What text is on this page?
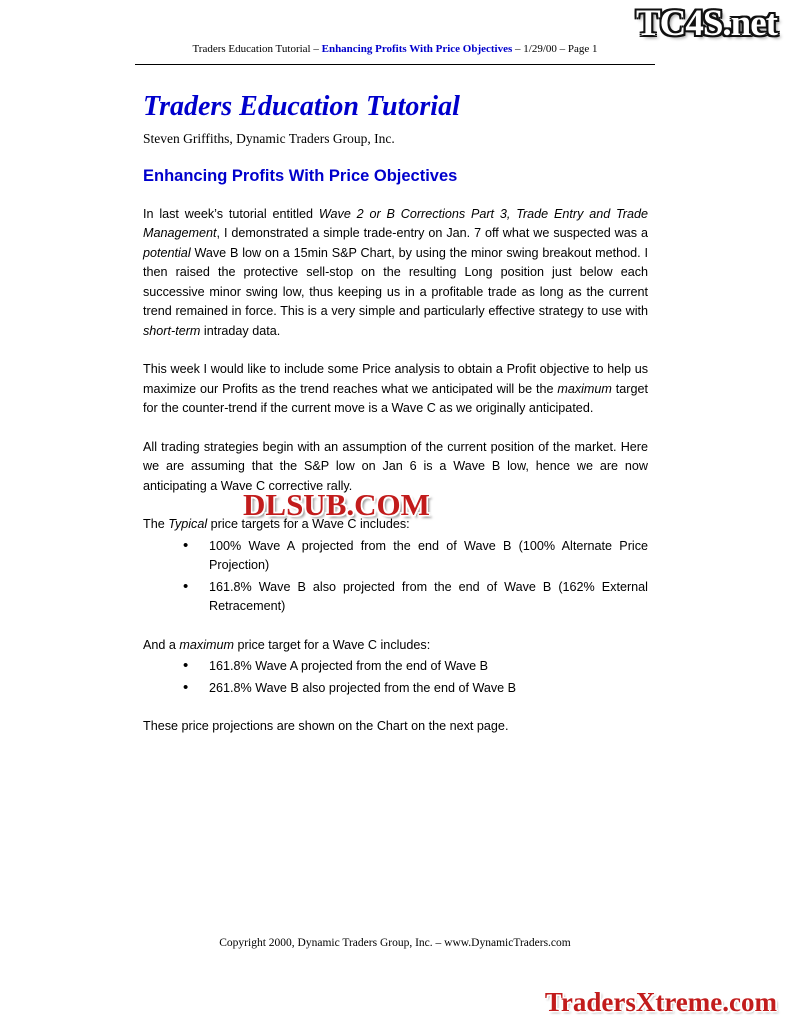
TC4S.net
Traders Education Tutorial – Enhancing Profits With Price Objectives – 1/29/00 – Page 1
Traders Education Tutorial

Steven Griffiths, Dynamic Traders Group, Inc.

Enhancing Profits With Price Objectives

In last week’s tutorial entitled Wave 2 or B Corrections Part 3, Trade Entry and Trade Management, I demonstrated a simple trade-entry on Jan. 7 off what we suspected was a potential Wave B low on a 15min S&P Chart, by using the minor swing breakout method. I then raised the protective sell-stop on the resulting Long position just below each successive minor swing low, thus keeping us in a profitable trade as long as the current trend remained in force. This is a very simple and particularly effective strategy to use with short-term intraday data.

This week I would like to include some Price analysis to obtain a Profit objective to help us maximize our Profits as the trend reaches what we anticipated will be the maximum target for the counter-trend if the current move is a Wave C as we originally anticipated.

All trading strategies begin with an assumption of the current position of the market. Here we are assuming that the S&P low on Jan 6 is a Wave B low, hence we are now anticipating a Wave C corrective rally.

The Typical price targets for a Wave C includes:

• 100% Wave A projected from the end of Wave B (100% Alternate Price Projection)
• 161.8% Wave B also projected from the end of Wave B (162% External Retracement)

And a maximum price target for a Wave C includes:

• 161.8% Wave A projected from the end of Wave B
• 261.8% Wave B also projected from the end of Wave B

These price projections are shown on the Chart on the next page.

DLSUB.COM
Copyright 2000, Dynamic Traders Group, Inc. – www.DynamicTraders.com
TradersXtreme.com
